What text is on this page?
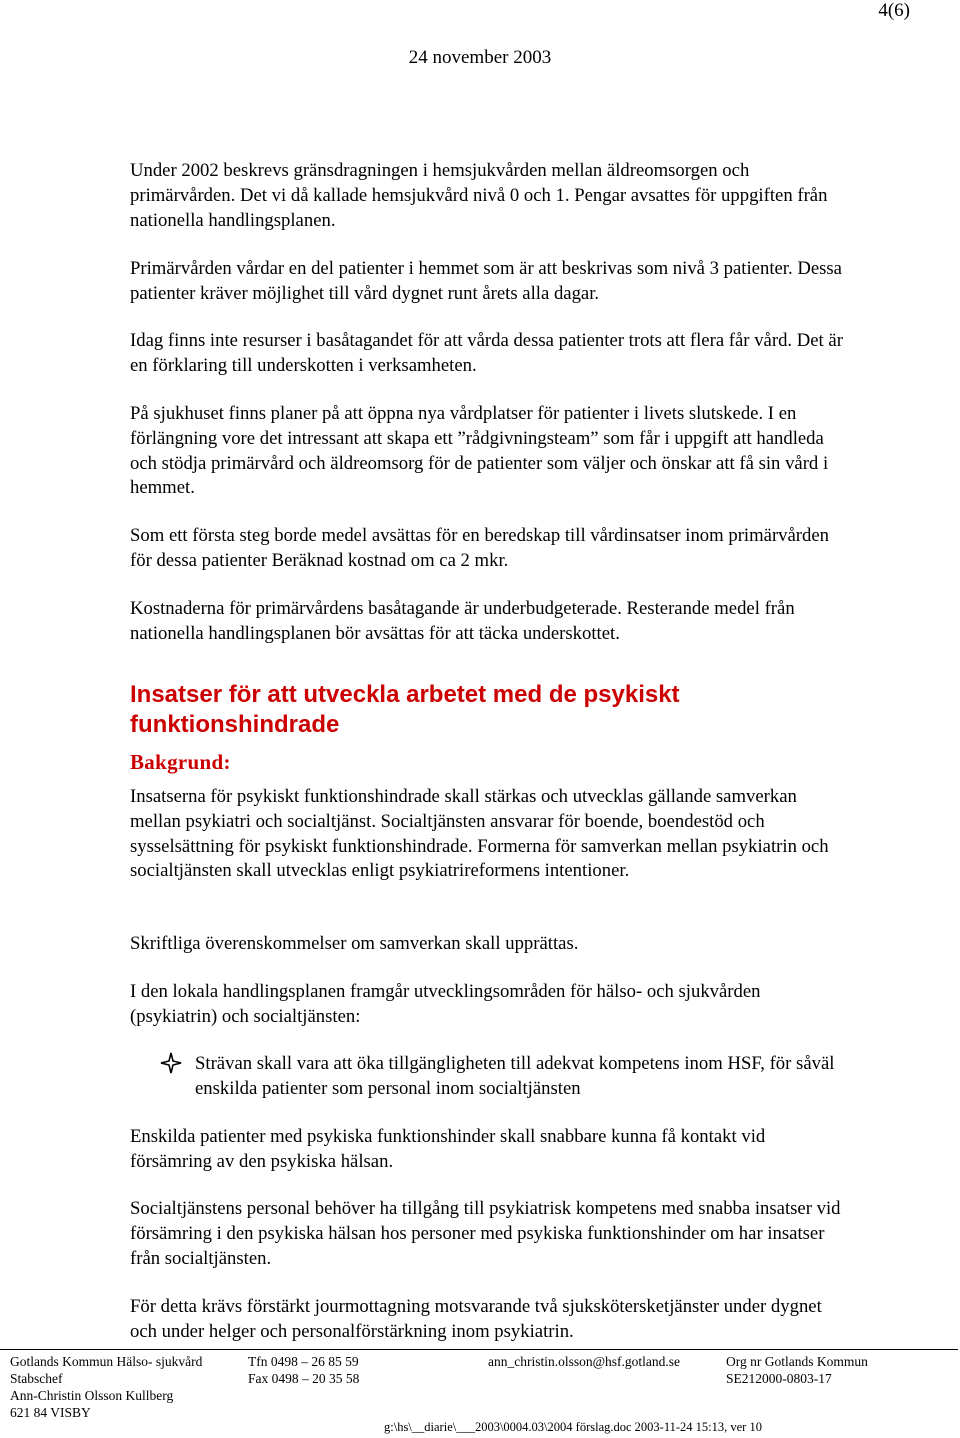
4(6)
24 november 2003
Under 2002 beskrevs gränsdragningen i hemsjukvården mellan äldreomsorgen och primärvården. Det vi då kallade hemsjukvård nivå 0 och 1. Pengar avsattes för uppgiften från nationella handlingsplanen.
Primärvården vårdar en del patienter i hemmet som är att beskrivas som nivå 3 patienter. Dessa patienter kräver möjlighet till vård dygnet runt årets alla dagar.
Idag finns inte resurser i basåtagandet för att vårda dessa patienter trots att flera får vård. Det är en förklaring till underskotten i verksamheten.
På sjukhuset finns planer på att öppna nya vårdplatser för patienter i livets slutskede. I en förlängning vore det intressant att skapa ett ”rådgivningsteam” som får i uppgift att handleda och stödja primärvård och äldreomsorg för de patienter som väljer och önskar att få sin vård i hemmet.
Som ett första steg borde medel avsättas för en beredskap till vårdinsatser inom primärvården för dessa patienter Beräknad kostnad om ca 2 mkr.
Kostnaderna för primärvårdens basåtagande är underbudgeterade. Resterande medel från nationella handlingsplanen bör avsättas för att täcka underskottet.
Insatser för att utveckla arbetet med de psykiskt funktionshindrade
Bakgrund:
Insatserna för psykiskt funktionshindrade skall stärkas och utvecklas gällande samverkan mellan psykiatri och socialtjänst. Socialtjänsten ansvarar för boende, boendestöd och sysselsättning för psykiskt funktionshindrade. Formerna för samverkan mellan psykiatrin och socialtjänsten skall utvecklas enligt psykiatrireformens intentioner.
Skriftliga överenskommelser om samverkan skall upprättas.
I den lokala handlingsplanen framgår utvecklingsområden för hälso- och sjukvården (psykiatrin) och socialtjänsten:
Strävan skall vara att öka tillgängligheten till adekvat kompetens inom HSF, för såväl enskilda patienter som personal inom socialtjänsten
Enskilda patienter med psykiska funktionshinder skall snabbare kunna få kontakt vid försämring av den psykiska hälsan.
Socialtjänstens personal behöver ha tillgång till psykiatrisk kompetens med snabba insatser vid försämring i den psykiska hälsan hos personer med psykiska funktionshinder om har insatser från socialtjänsten.
För detta krävs förstärkt jourmottagning motsvarande två sjukskötersketjänster under dygnet och under helger och personalförstärkning inom psykiatrin.
Gotlands Kommun Hälso- sjukvård
Stabschef
Ann-Christin Olsson Kullberg
621 84 VISBY
Tfn 0498 – 26 85 59
Fax 0498 – 20 35 58
ann_christin.olsson@hsf.gotland.se	Org nr Gotlands Kommun
SE212000-0803-17
g:\hs\__diarie\___2003\0004.03\2004 förslag.doc 2003-11-24 15:13, ver 10
